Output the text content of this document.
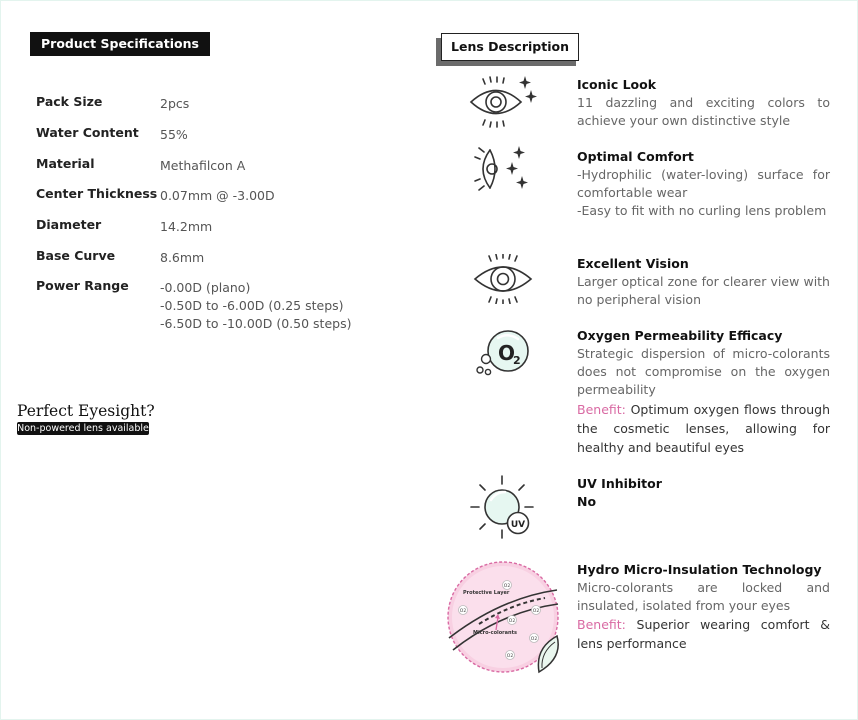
Product Specifications
Pack Size	2pcs
Water Content	55%
Material	Methafilcon A
Center Thickness 0.07mm @ -3.00D
Diameter	14.2mm
Base Curve	8.6mm
Power Range	-0.00D (plano)
-0.50D to -6.00D (0.25 steps)
-6.50D to -10.00D (0.50 steps)
Perfect Eyesight?
Non-powered lens available
Lens Description
O
2
UV
Protective Layer
Micro-colorants
O2
O2
O2
O2
O2
O2
Iconic Look

11 dazzling and exciting colors to achieve your own distinctive style

Optimal Comfort

-Hydrophilic (water-loving) surface for comfortable wear

-Easy to fit with no curling lens problem

Excellent Vision

Larger optical zone for clearer view with no peripheral vision

Oxygen Permeability Efficacy

Strategic dispersion of micro-colorants does not compromise on the oxygen permeability

Benefit: Optimum oxygen flows through the cosmetic lenses, allowing for healthy and beautiful eyes

UV Inhibitor
No
Hydro Micro-Insulation Technology

Micro-colorants are locked and insulated, isolated from your eyes

Benefit: Superior wearing comfort & lens performance
